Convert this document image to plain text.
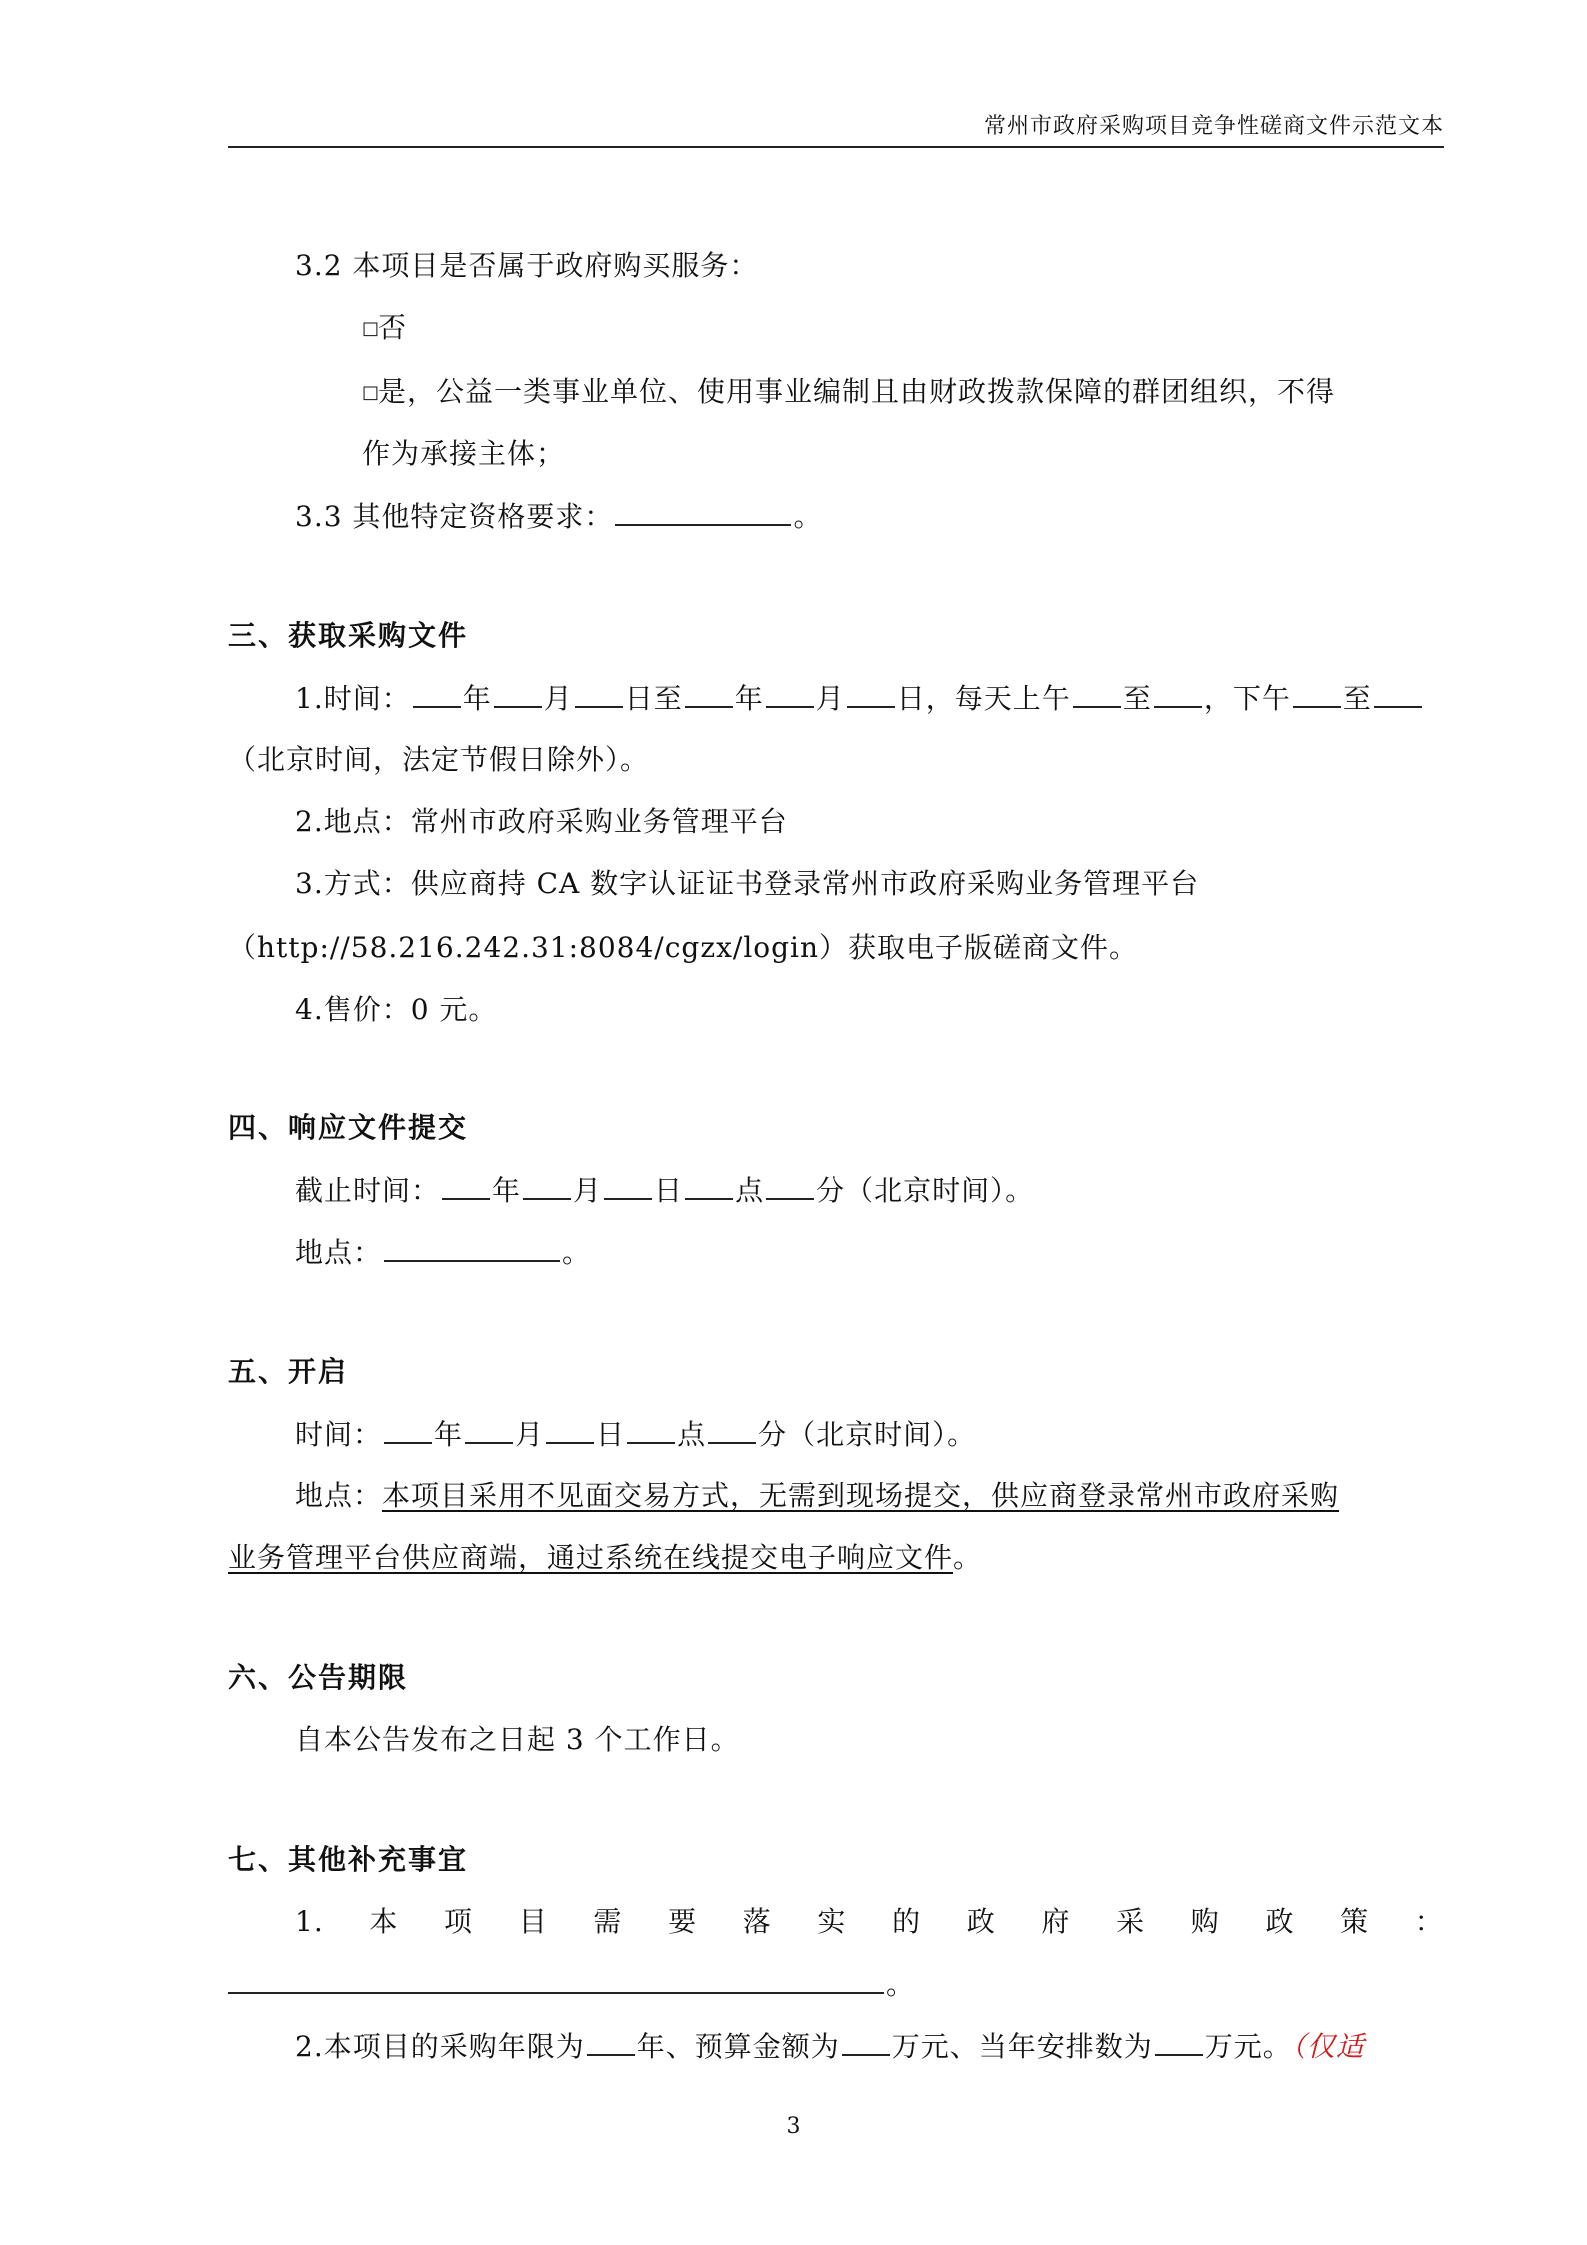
常州市政府采购项目竞争性磋商文件示范文本
3.2 本项目是否属于政府购买服务：
□否
□是，公益一类事业单位、使用事业编制且由财政拨款保障的群团组织，不得
作为承接主体；
3.3 其他特定资格要求：	。
三、获取采购文件
1.时间： 年 月 日至 年 月 日，每天上午 至 ，下午 至
（北京时间，法定节假日除外）。
2.地点：常州市政府采购业务管理平台
3.方式：供应商持 CA 数字认证证书登录常州市政府采购业务管理平台
（http://58.216.242.31:8084/cgzx/login）获取电子版磋商文件。
4.售价：0 元。
四、响应文件提交
截止时间： 年 月 日 点 分（北京时间）。
地点：	。
五、开启
时间： 年 月 日 点 分（北京时间）。
地点：本项目采用不见面交易方式，无需到现场提交，供应商登录常州市政府采购
业务管理平台供应商端，通过系统在线提交电子响应文件。
六、公告期限
自本公告发布之日起 3 个工作日。
七、其他补充事宜
1. 本 项 目 需 要 落 实 的 政 府 采 购 政 策 ：
。
2.本项目的采购年限为 年、预算金额为 万元、当年安排数为 万元。（仅适
3
